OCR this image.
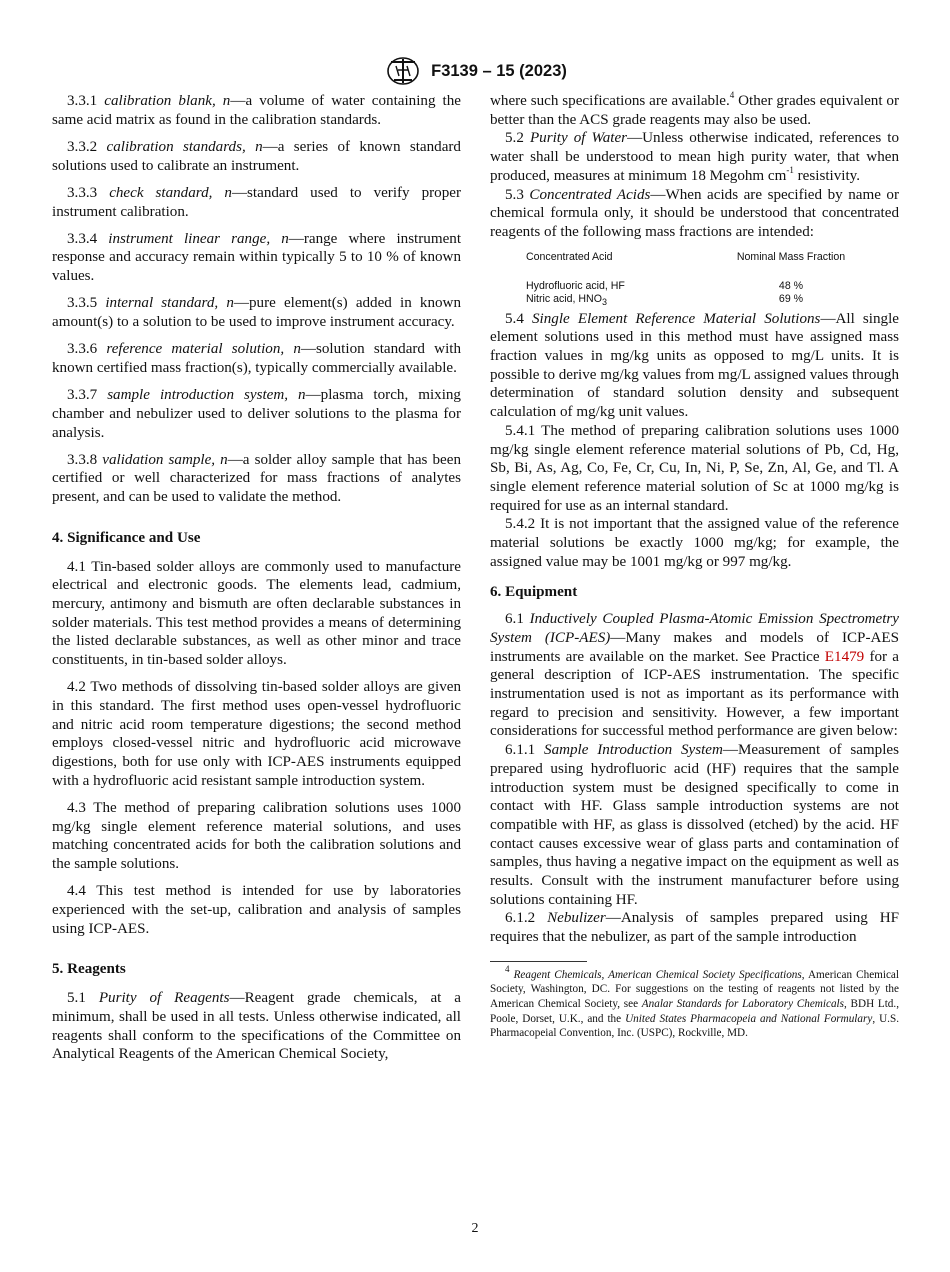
F3139 – 15 (2023)

3.3.1 calibration blank, n—a volume of water containing the same acid matrix as found in the calibration standards.

3.3.2 calibration standards, n—a series of known standard solutions used to calibrate an instrument.

3.3.3 check standard, n—standard used to verify proper instrument calibration.

3.3.4 instrument linear range, n—range where instrument response and accuracy remain within typically 5 to 10 % of known values.

3.3.5 internal standard, n—pure element(s) added in known amount(s) to a solution to be used to improve instrument accuracy.

3.3.6 reference material solution, n—solution standard with known certified mass fraction(s), typically commercially available.

3.3.7 sample introduction system, n—plasma torch, mixing chamber and nebulizer used to deliver solutions to the plasma for analysis.

3.3.8 validation sample, n—a solder alloy sample that has been certified or well characterized for mass fractions of analytes present, and can be used to validate the method.

4. Significance and Use

4.1 Tin-based solder alloys are commonly used to manufacture electrical and electronic goods. The elements lead, cadmium, mercury, antimony and bismuth are often declarable substances in solder materials. This test method provides a means of determining the listed declarable substances, as well as other minor and trace constituents, in tin-based solder alloys.

4.2 Two methods of dissolving tin-based solder alloys are given in this standard. The first method uses open-vessel hydrofluoric and nitric acid room temperature digestions; the second method employs closed-vessel nitric and hydrofluoric acid microwave digestions, both for use only with ICP-AES instruments equipped with a hydrofluoric acid resistant sample introduction system.

4.3 The method of preparing calibration solutions uses 1000 mg/kg single element reference material solutions, and uses matching concentrated acids for both the calibration solutions and the sample solutions.

4.4 This test method is intended for use by laboratories experienced with the set-up, calibration and analysis of samples using ICP-AES.

5. Reagents

5.1 Purity of Reagents—Reagent grade chemicals, at a minimum, shall be used in all tests. Unless otherwise indicated, all reagents shall conform to the specifications of the Committee on Analytical Reagents of the American Chemical Society,

where such specifications are available.$^4$ Other grades equivalent or better than the ACS grade reagents may also be used.

5.2 Purity of Water—Unless otherwise indicated, references to water shall be understood to mean high purity water, that when produced, measures at minimum 18 Megohm $cm^{-1}$ resistivity.

5.3 Concentrated Acids—When acids are specified by name or chemical formula only, it should be understood that concentrated reagents of the following mass fractions are intended:

Concentrated Acid	Nominal Mass Fraction
Hydrofluoric acid, HF	48 %
Nitric acid, $HNO_3$	69 %

5.4 Single Element Reference Material Solutions—All single element solutions used in this method must have assigned mass fraction values in mg/kg units as opposed to mg/L units. It is possible to derive mg/kg values from mg/L assigned values through determination of standard solution density and subsequent calculation of mg/kg unit values.

5.4.1 The method of preparing calibration solutions uses 1000 mg/kg single element reference material solutions of Pb, Cd, Hg, Sb, Bi, As, Ag, Co, Fe, Cr, Cu, In, Ni, P, Se, Zn, Al, Ge, and Tl. A single element reference material solution of Sc at 1000 mg/kg is required for use as an internal standard.

5.4.2 It is not important that the assigned value of the reference material solutions be exactly 1000 mg/kg; for example, the assigned value may be 1001 mg/kg or 997 mg/kg.

6. Equipment

6.1 Inductively Coupled Plasma-Atomic Emission Spectrometry System (ICP-AES)—Many makes and models of ICP-AES instruments are available on the market. See Practice E1479 for a general description of ICP-AES instrumentation. The specific instrumentation used is not as important as its performance with regard to precision and sensitivity. However, a few important considerations for successful method performance are given below:

6.1.1 Sample Introduction System—Measurement of samples prepared using hydrofluoric acid (HF) requires that the sample introduction system must be designed specifically to come in contact with HF. Glass sample introduction systems are not compatible with HF, as glass is dissolved (etched) by the acid. HF contact causes excessive wear of glass parts and contamination of samples, thus having a negative impact on the equipment as well as results. Consult with the instrument manufacturer before using solutions containing HF.

6.1.2 Nebulizer—Analysis of samples prepared using HF requires that the nebulizer, as part of the sample introduction

$^4$ Reagent Chemicals, American Chemical Society Specifications, American Chemical Society, Washington, DC. For suggestions on the testing of reagents not listed by the American Chemical Society, see Analar Standards for Laboratory Chemicals, BDH Ltd., Poole, Dorset, U.K., and the United States Pharmacopeia and National Formulary, U.S. Pharmacopeial Convention, Inc. (USPC), Rockville, MD.
2
